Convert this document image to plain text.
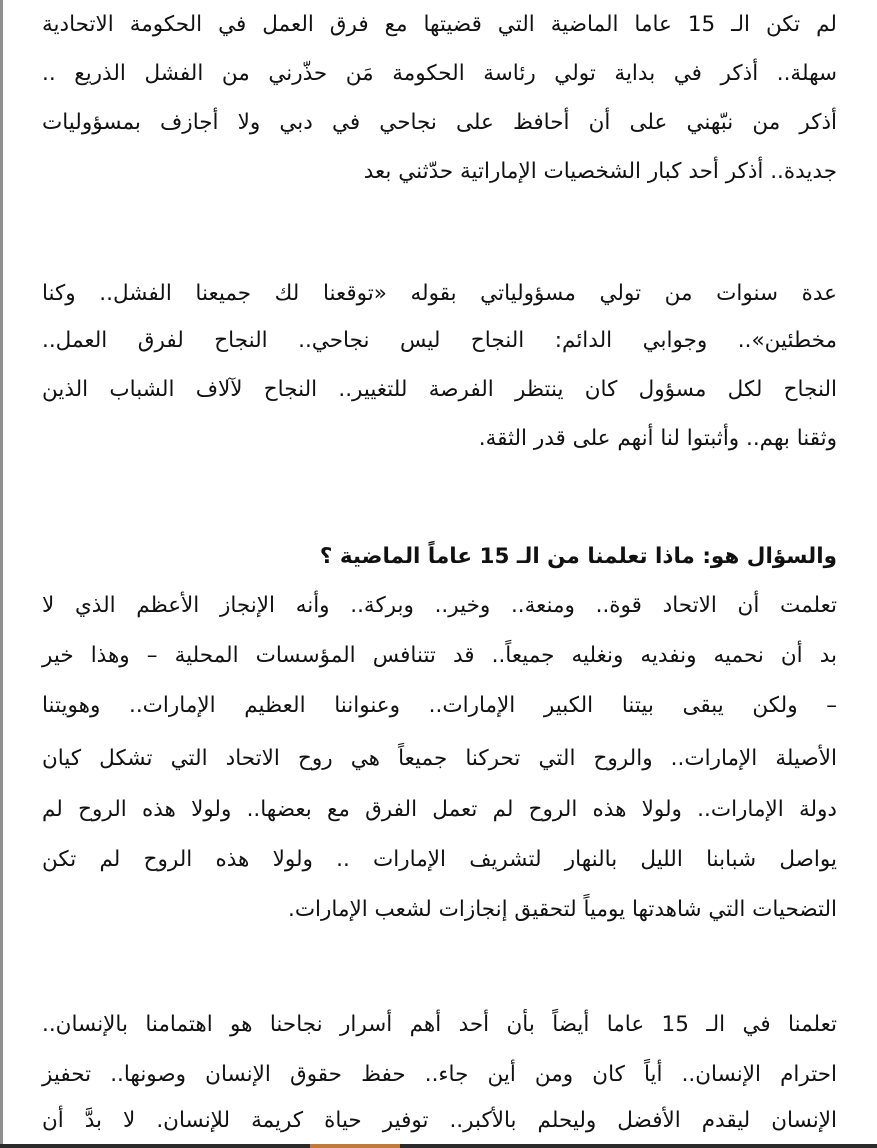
لم تكن الـ 15 عاما الماضية التي قضيتها مع فرق العمل في الحكومة الاتحادية
سهلة.. أذكر في بداية تولي رئاسة الحكومة مَن حذّرني من الفشل الذريع ..
أذكر من نبّهني على أن أحافظ على نجاحي في دبي ولا أجازف بمسؤوليات
جديدة.. أذكر أحد كبار الشخصيات الإماراتية حدّثني بعد
عدة سنوات من تولي مسؤولياتي بقوله «توقعنا لك جميعنا الفشل.. وكنا
مخطئين».. وجوابي الدائم: النجاح ليس نجاحي.. النجاح لفرق العمل..
النجاح لكل مسؤول كان ينتظر الفرصة للتغيير.. النجاح لآلاف الشباب الذين
وثقنا بهم.. وأثبتوا لنا أنهم على قدر الثقة.
والسؤال هو: ماذا تعلمنا من الـ 15 عاماً الماضية ؟
تعلمت أن الاتحاد قوة.. ومنعة.. وخير.. وبركة.. وأنه الإنجاز الأعظم الذي لا
بد أن نحميه ونفديه ونغليه جميعاً.. قد تتنافس المؤسسات المحلية – وهذا خير
– ولكن يبقى بيتنا الكبير الإمارات.. وعنواننا العظيم الإمارات.. وهويتنا
الأصيلة الإمارات.. والروح التي تحركنا جميعاً هي روح الاتحاد التي تشكل كيان
دولة الإمارات.. ولولا هذه الروح لم تعمل الفرق مع بعضها.. ولولا هذه الروح لم
يواصل شبابنا الليل بالنهار لتشريف الإمارات .. ولولا هذه الروح لم تكن
التضحيات التي شاهدتها يومياً لتحقيق إنجازات لشعب الإمارات.
تعلمنا في الـ 15 عاما أيضاً بأن أحد أهم أسرار نجاحنا هو اهتمامنا بالإنسان..
احترام الإنسان.. أياً كان ومن أين جاء.. حفظ حقوق الإنسان وصونها.. تحفيز
الإنسان ليقدم الأفضل وليحلم بالأكبر.. توفير حياة كريمة للإنسان. لا بدَّ أن
